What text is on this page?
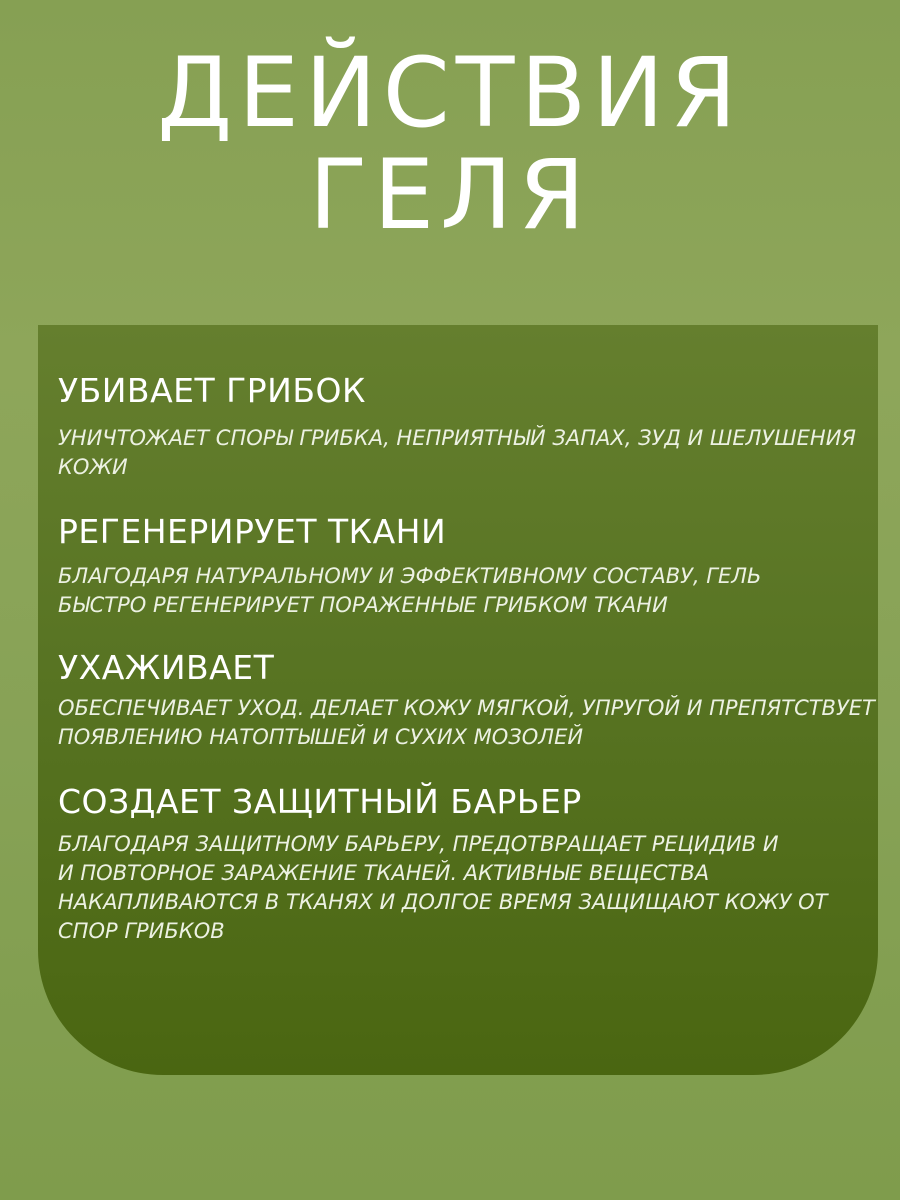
ДЕЙСТВИЯ
ГЕЛЯ
УБИВАЕТ ГРИБОК

УНИЧТОЖАЕТ СПОРЫ ГРИБКА, НЕПРИЯТНЫЙ ЗАПАХ, ЗУД И ШЕЛУШЕНИЯ
КОЖИ

РЕГЕНЕРИРУЕТ ТКАНИ

БЛАГОДАРЯ НАТУРАЛЬНОМУ И ЭФФЕКТИВНОМУ СОСТАВУ, ГЕЛЬ
БЫСТРО РЕГЕНЕРИРУЕТ ПОРАЖЕННЫЕ ГРИБКОМ ТКАНИ

УХАЖИВАЕТ

ОБЕСПЕЧИВАЕТ УХОД. ДЕЛАЕТ КОЖУ МЯГКОЙ, УПРУГОЙ И ПРЕПЯТСТВУЕТ
ПОЯВЛЕНИЮ НАТОПТЫШЕЙ И СУХИХ МОЗОЛЕЙ

СОЗДАЕТ ЗАЩИТНЫЙ БАРЬЕР

БЛАГОДАРЯ ЗАЩИТНОМУ БАРЬЕРУ, ПРЕДОТВРАЩАЕТ РЕЦИДИВ И
И ПОВТОРНОЕ ЗАРАЖЕНИЕ ТКАНЕЙ. АКТИВНЫЕ ВЕЩЕСТВА
НАКАПЛИВАЮТСЯ В ТКАНЯХ И ДОЛГОЕ ВРЕМЯ ЗАЩИЩАЮТ КОЖУ ОТ
СПОР ГРИБКОВ
